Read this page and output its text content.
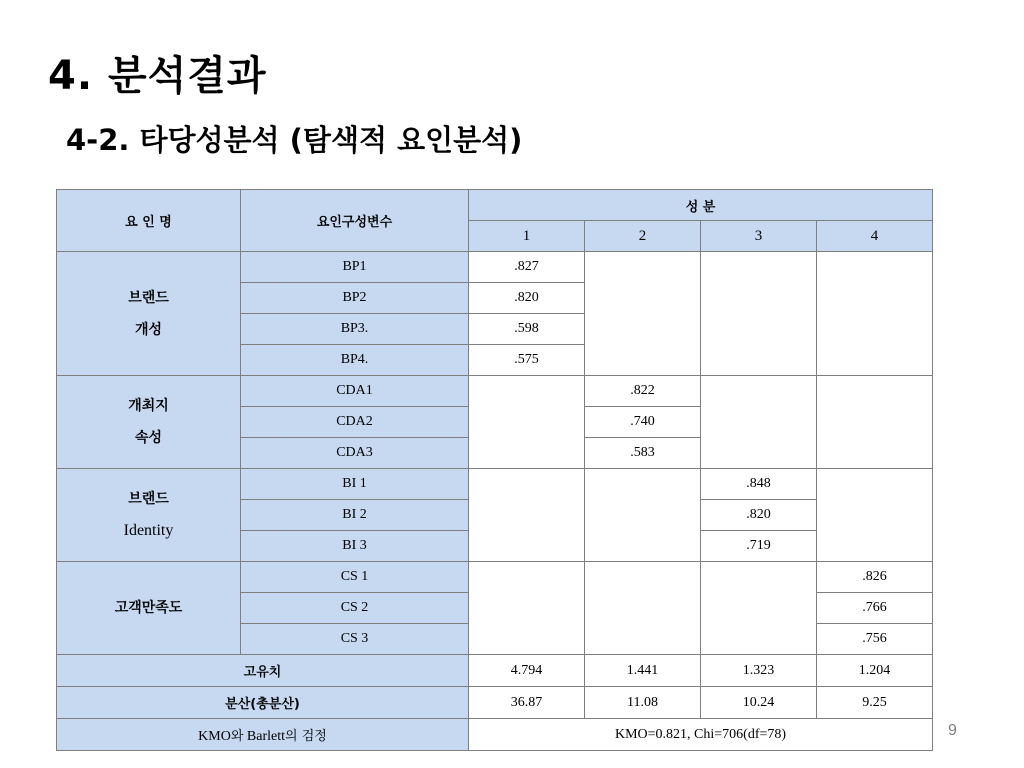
4. 분석결과
4-2. 타당성분석 (탐색적 요인분석)
요 인 명	요인구성변수	성 분			
		1	2	3	4
브랜드
개성	BP1	.827			
	BP2	.820			
	BP3.	.598			
	BP4.	.575			
개최지
속성	CDA1		.822		
	CDA2		.740		
	CDA3		.583		
브랜드
Identity	BI 1			.848	
	BI 2			.820	
	BI 3			.719	
고객만족도	CS 1				.826
	CS 2				.766
	CS 3				.756
고유치		4.794	1.441	1.323	1.204
분산(총분산)		36.87	11.08	10.24	9.25
KMO와 Barlett의 검정		KMO=0.821, Chi=706(df=78)				9
